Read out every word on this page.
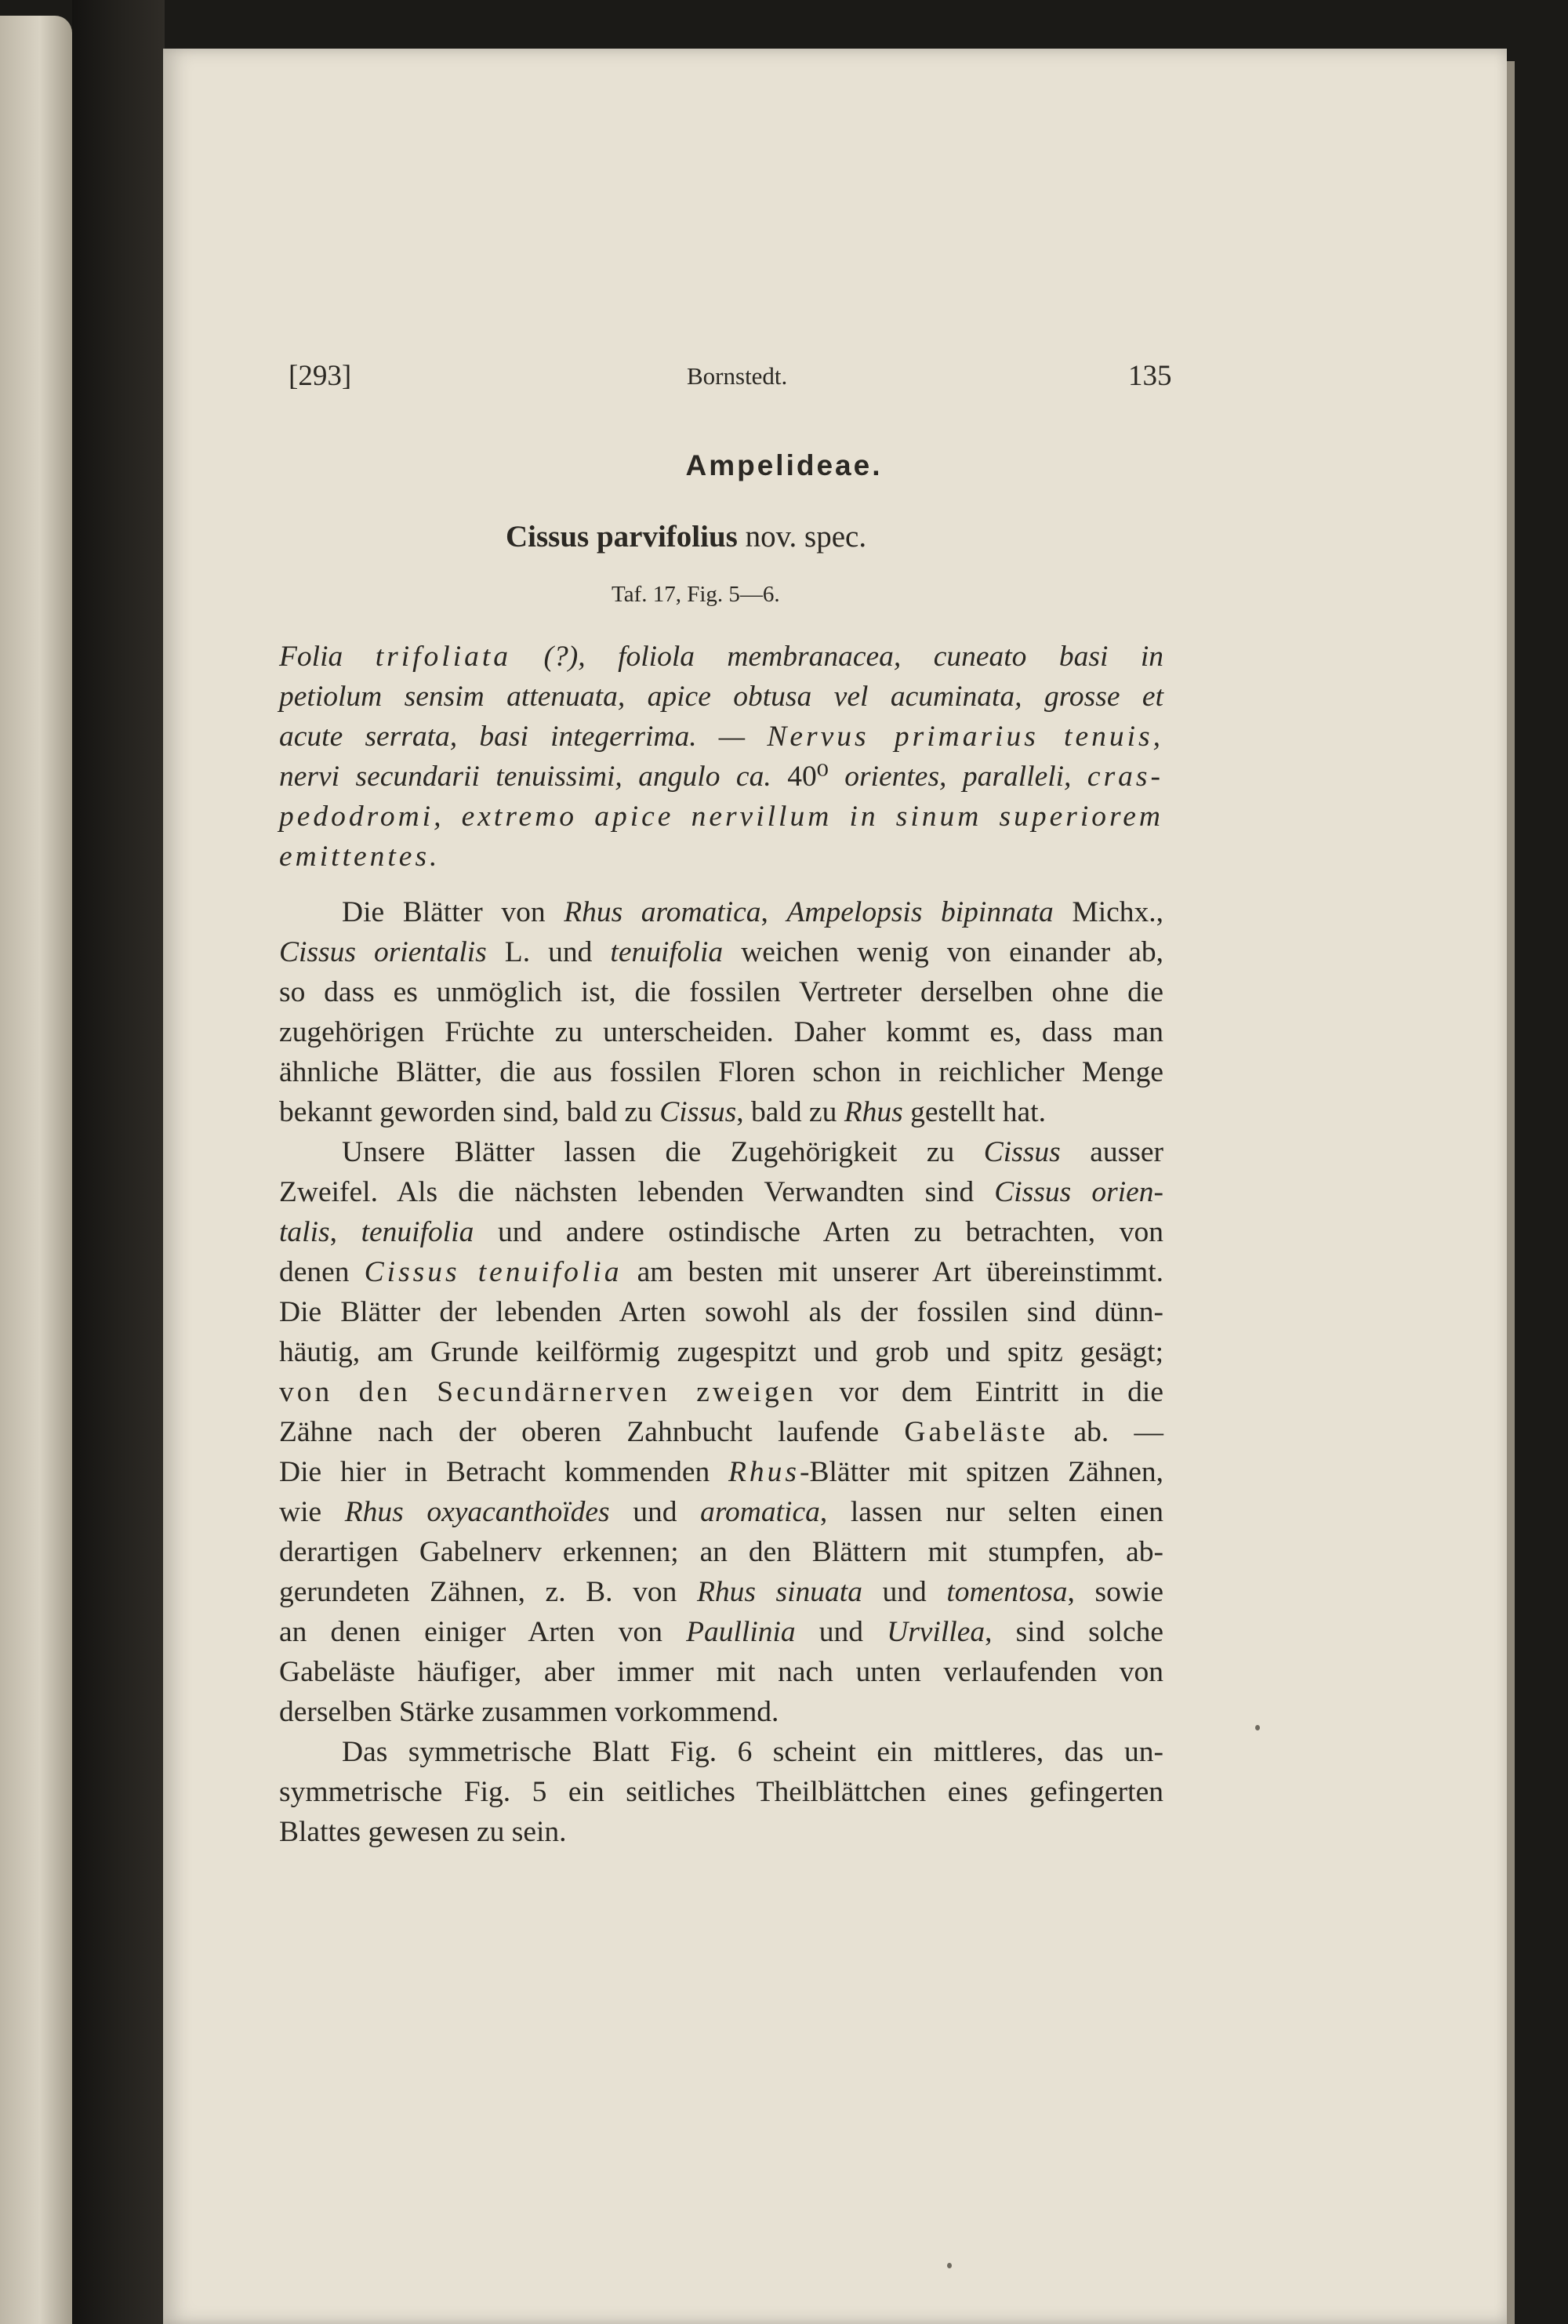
[293]	Bornstedt.	135
Ampelideae.
Cissus parvifolius nov. spec.
Taf. 17, Fig. 5—6.
Folia trifoliata (?), foliola membranacea, cuneato basi in
petiolum sensim attenuata, apice obtusa vel acuminata, grosse et
acute serrata, basi integerrima. — Nervus primarius tenuis,
nervi secundarii tenuissimi, angulo ca. 40⁰ orientes, paralleli, cras-
pedodromi, extremo apice nervillum in sinum superiorem
emittentes.
Die Blätter von Rhus aromatica, Ampelopsis bipinnata Michx.,
Cissus orientalis L. und tenuifolia weichen wenig von einander ab,
so dass es unmöglich ist, die fossilen Vertreter derselben ohne die
zugehörigen Früchte zu unterscheiden. Daher kommt es, dass man
ähnliche Blätter, die aus fossilen Floren schon in reichlicher Menge
bekannt geworden sind, bald zu Cissus, bald zu Rhus gestellt hat.
Unsere Blätter lassen die Zugehörigkeit zu Cissus ausser
Zweifel. Als die nächsten lebenden Verwandten sind Cissus orien-
talis, tenuifolia und andere ostindische Arten zu betrachten, von
denen Cissus tenuifolia am besten mit unserer Art übereinstimmt.
Die Blätter der lebenden Arten sowohl als der fossilen sind dünn-
häutig, am Grunde keilförmig zugespitzt und grob und spitz gesägt;
von den Secundärnerven zweigen vor dem Eintritt in die
Zähne nach der oberen Zahnbucht laufende Gabeläste ab. —
Die hier in Betracht kommenden Rhus-Blätter mit spitzen Zähnen,
wie Rhus oxyacanthoïdes und aromatica, lassen nur selten einen
derartigen Gabelnerv erkennen; an den Blättern mit stumpfen, ab-
gerundeten Zähnen, z. B. von Rhus sinuata und tomentosa, sowie
an denen einiger Arten von Paullinia und Urvillea, sind solche
Gabeläste häufiger, aber immer mit nach unten verlaufenden von
derselben Stärke zusammen vorkommend.
Das symmetrische Blatt Fig. 6 scheint ein mittleres, das un-
symmetrische Fig. 5 ein seitliches Theilblättchen eines gefingerten
Blattes gewesen zu sein.
